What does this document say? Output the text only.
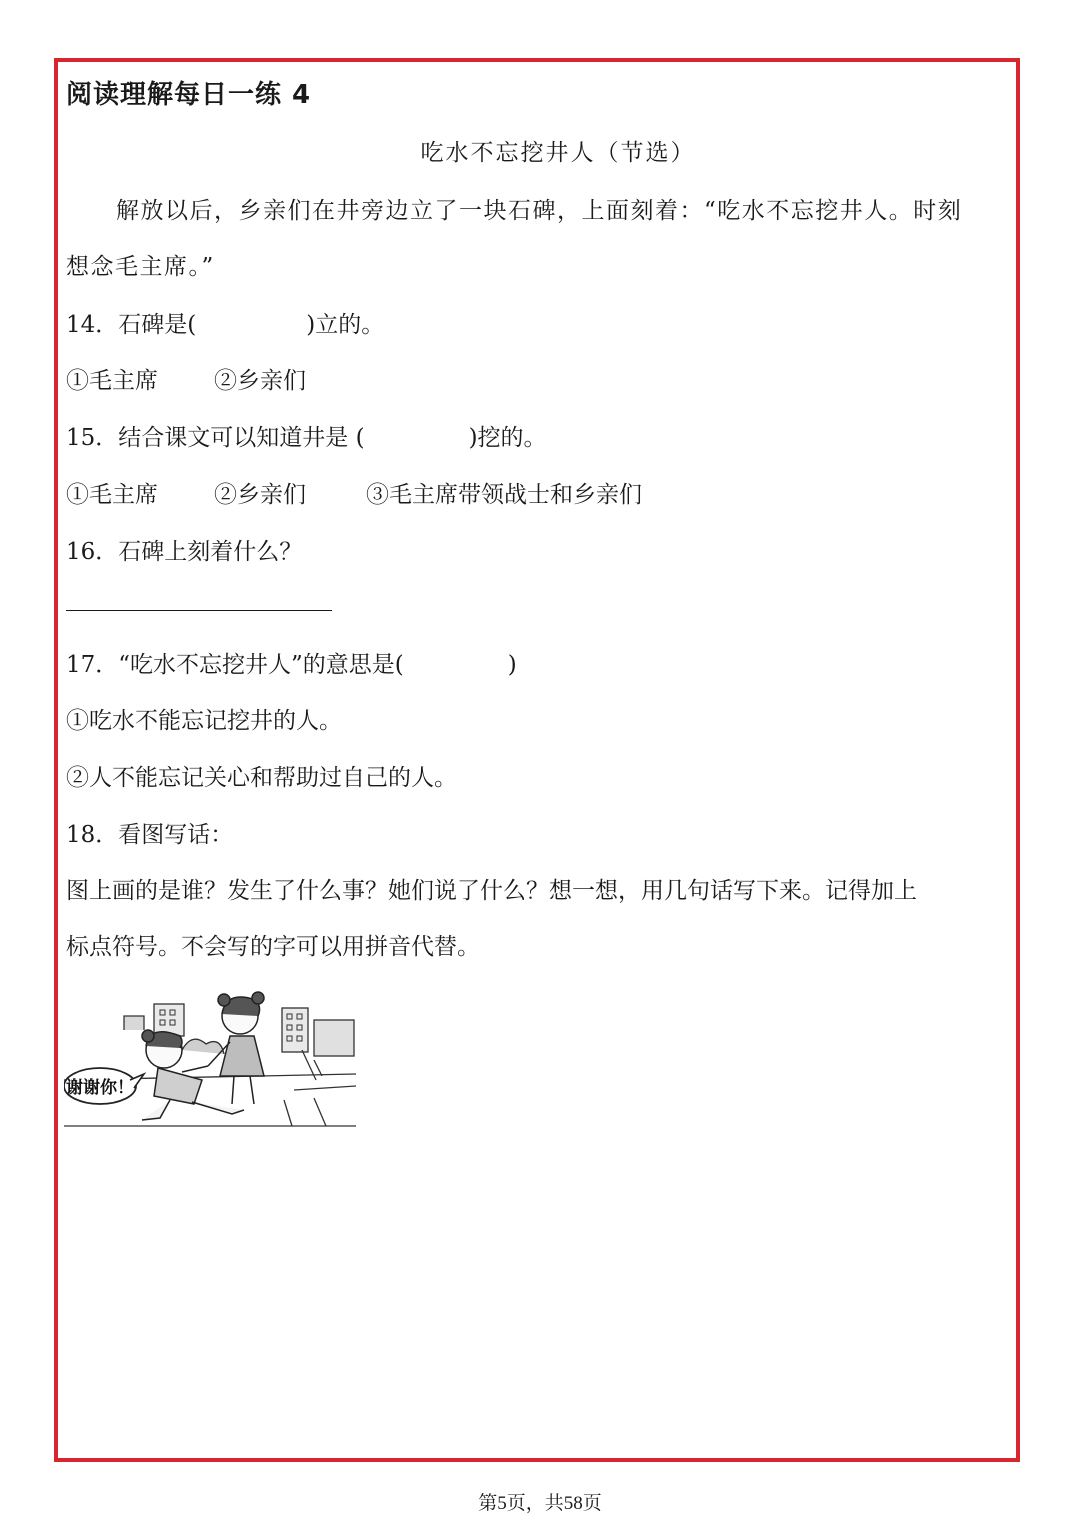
阅读理解每日一练 4
吃水不忘挖井人（节选）

解放以后，乡亲们在井旁边立了一块石碑，上面刻着：“吃水不忘挖井人。时刻

想念毛主席。”

14．石碑是(	)立的。

①毛主席 ②乡亲们

15．结合课文可以知道井是 (	)挖的。

①毛主席 ②乡亲们	③毛主席带领战士和乡亲们

16．石碑上刻着什么？

17．“吃水不忘挖井人”的意思是(	)

①吃水不能忘记挖井的人。

②人不能忘记关心和帮助过自己的人。

18．看图写话：

图上画的是谁？发生了什么事？她们说了什么？想一想，用几句话写下来。记得加上

标点符号。不会写的字可以用拼音代替。

谢谢你！
第5页，共58页
